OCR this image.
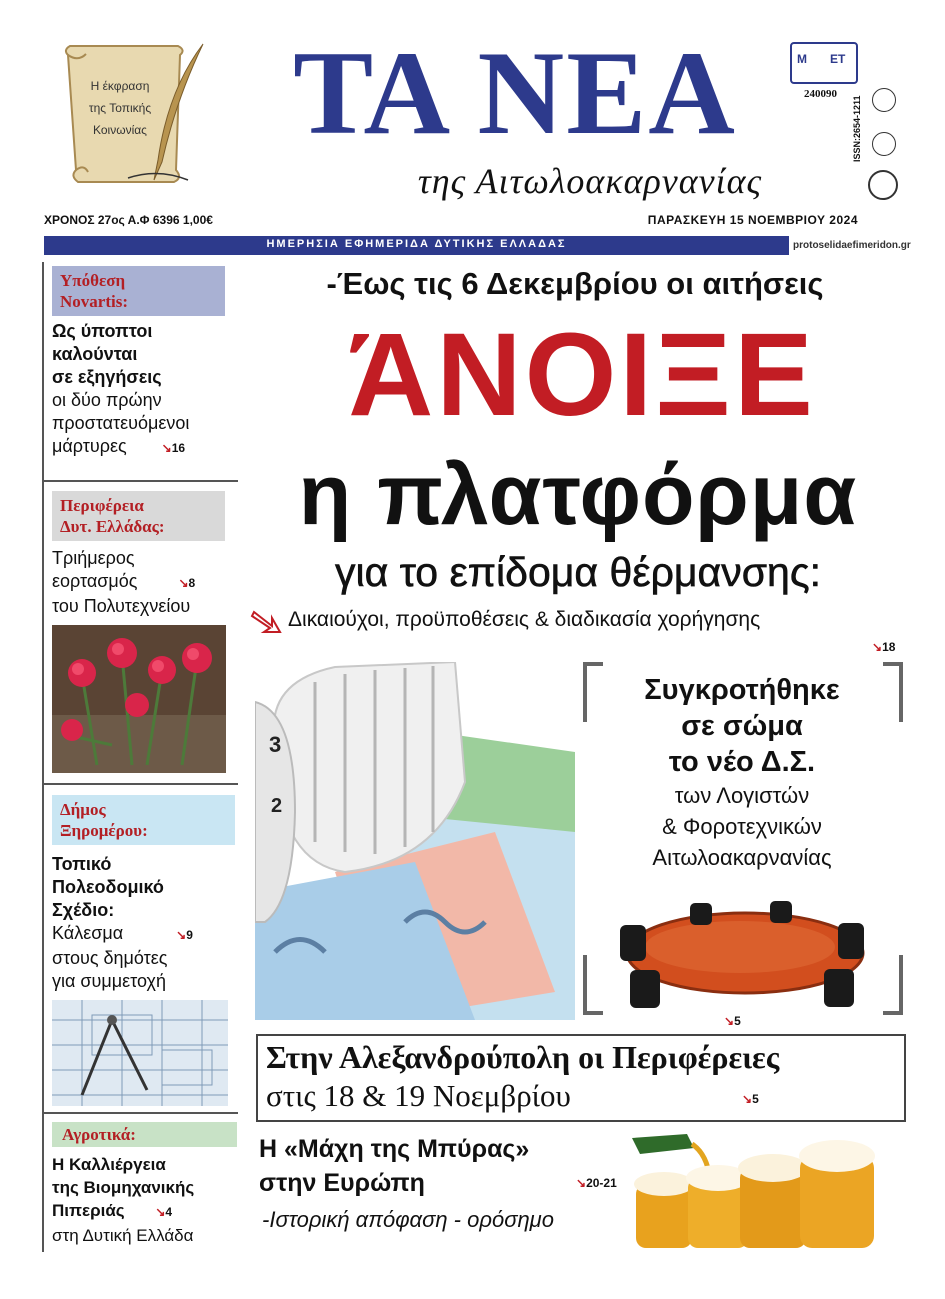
Η έκφραση
της Τοπικής
Κοινωνίας	ΤΑ ΝΕΑ
της Αιτωλοακαρνανίας
Μ ΕΤ
240090
ISSN:2654-1211
ΧΡΟΝΟΣ 27ος Α.Φ 6396 1,00€	ΠΑΡΑΣΚΕΥΗ 15 ΝΟΕΜΒΡΙΟΥ 2024
ΗΜΕΡΗΣΙΑ ΕΦΗΜΕΡΙΔΑ ΔΥΤΙΚΗΣ ΕΛΛΑΔΑΣ	protoselidaefimeridon.gr
Υπόθεση
Novartis:
Ως ύποπτοι
καλούνται
σε εξηγήσεις
οι δύο πρώην
προστατευόμενοι
μάρτυρες	↘16
Περιφέρεια
Δυτ. Ελλάδας:
Τριήμερος
εορτασμός	↘8
του Πολυτεχνείου
Δήμος
Ξηρομέρου:
Τοπικό
Πολεοδομικό
Σχέδιο:
Κάλεσμα	↘9
στους δημότες
για συμμετοχή
Αγροτικά:
Η Καλλιέργεια
της Βιομηχανικής
Πιπεριάς	↘4
στη Δυτική Ελλάδα
-Έως τις 6 Δεκεμβρίου οι αιτήσεις
ΆΝΟΙΞΕ
η πλατφόρμα
για το επίδομα θέρμανσης:
Δικαιούχοι, προϋποθέσεις & διαδικασία χορήγησης
↘18
3
2
Συγκροτήθηκε
σε σώμα
το νέο Δ.Σ.
των Λογιστών
& Φοροτεχνικών
Αιτωλοακαρνανίας
↘5
Στην Αλεξανδρούπολη οι Περιφέρειες
στις 18 & 19 Νοεμβρίου	↘5
Η «Μάχη της Μπύρας»
στην Ευρώπη	↘20-21
-Ιστορική απόφαση - ορόσημο
